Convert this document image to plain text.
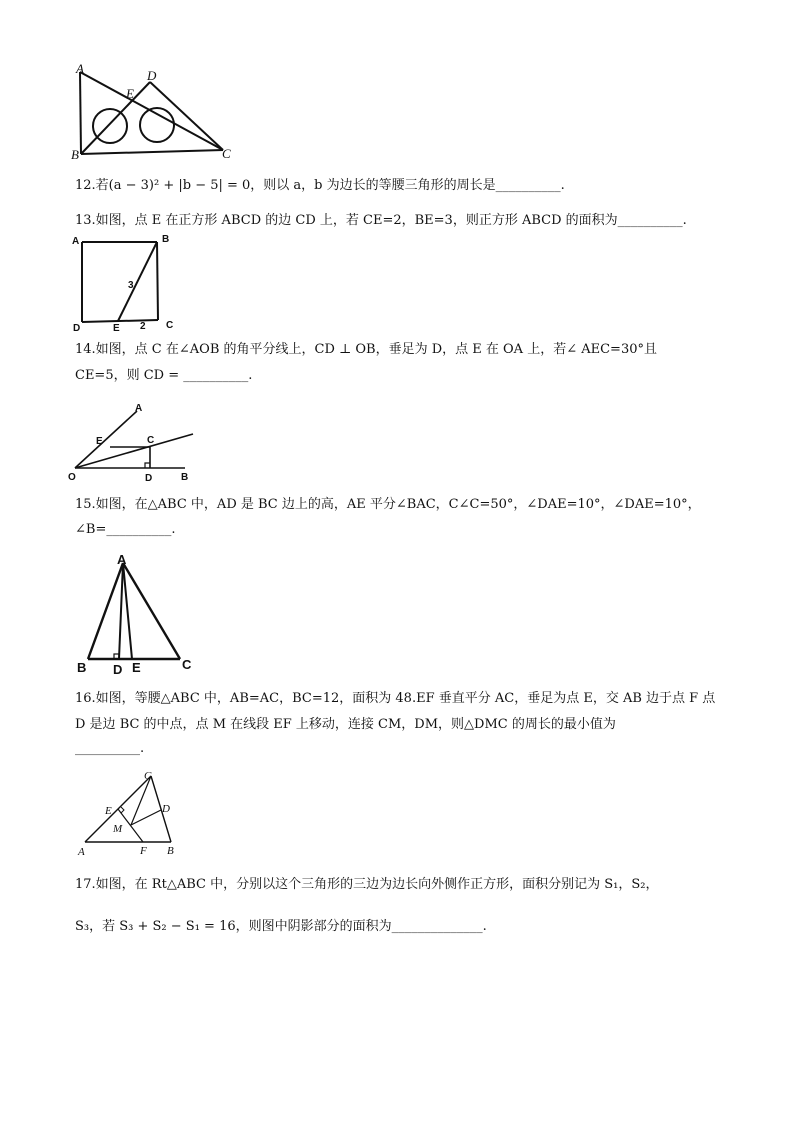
A	D
E
B	C
12.若(a − 3)² + |b − 5| = 0，则以 a，b 为边长的等腰三角形的周长是__________.
13.如图，点 E 在正方形 ABCD 的边 CD 上，若 CE=2，BE=3，则正方形 ABCD 的面积为__________.
A	B
D	E 2 C
3
14.如图，点 C 在∠AOB 的角平分线上，CD ⊥ OB，垂足为 D，点 E 在 OA 上，若∠ AEC=30°且
CE=5，则 CD = __________.
A
E	C
O	D	B
15.如图，在△ABC 中，AD 是 BC 边上的高，AE 平分∠BAC，C∠C=50°，∠DAE=10°，∠DAE=10°，
∠B=__________.
A
B D E	C
16.如图，等腰△ABC 中，AB=AC，BC=12，面积为 48.EF 垂直平分 AC，垂足为点 E，交 AB 边于点 F 点
D 是边 BC 的中点，点 M 在线段 EF 上移动，连接 CM，DM，则△DMC 的周长的最小值为
__________.
C
E	D
M
A	F B
17.如图，在 Rt△ABC 中，分别以这个三角形的三边为边长向外侧作正方形，面积分别记为 S₁，S₂，
S₃，若 S₃ + S₂ − S₁ = 16，则图中阴影部分的面积为______________.
